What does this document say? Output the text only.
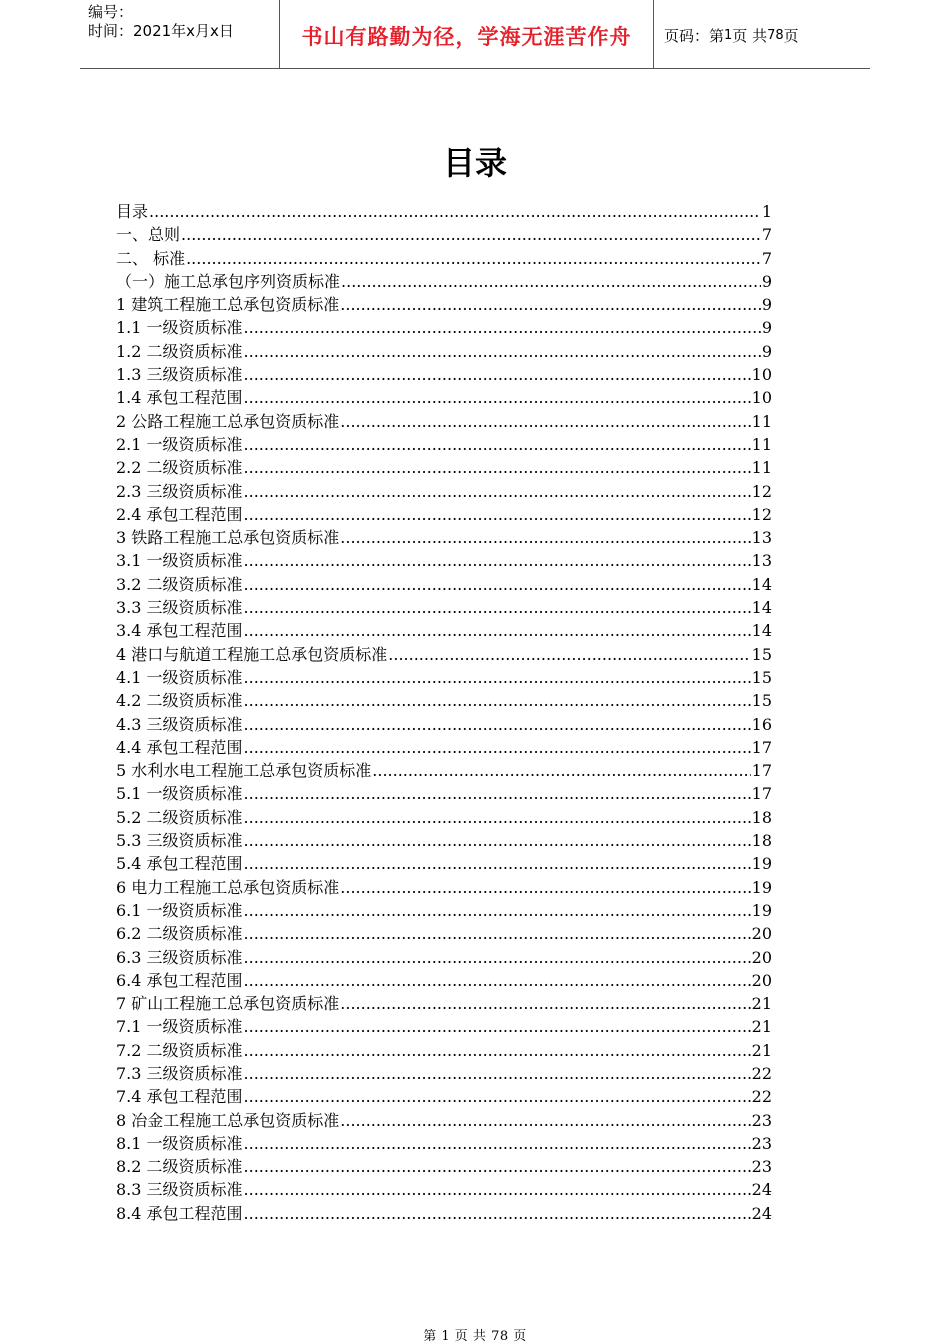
编号：
时间：2021年x月x日	书山有路勤为径，学海无涯苦作舟	页码：第 1 页 共 78 页
目录
目录 .....	1
一、总则 .....	7
二、 标准 .....	7
（一）施工总承包序列资质标准 .....	9
1 建筑工程施工总承包资质标准 .....	9
1.1 一级资质标准 .....	9
1.2 二级资质标准 .....	9
1.3 三级资质标准 .....	10
1.4 承包工程范围 .....	10
2 公路工程施工总承包资质标准 .....	11
2.1 一级资质标准 .....	11
2.2 二级资质标准 .....	11
2.3 三级资质标准 .....	12
2.4 承包工程范围 .....	12
3 铁路工程施工总承包资质标准 .....	13
3.1 一级资质标准 .....	13
3.2 二级资质标准 .....	14
3.3 三级资质标准 .....	14
3.4 承包工程范围 .....	14
4 港口与航道工程施工总承包资质标准 .....	15
4.1 一级资质标准 .....	15
4.2 二级资质标准 .....	15
4.3 三级资质标准 .....	16
4.4 承包工程范围 .....	17
5 水利水电工程施工总承包资质标准 .....	17
5.1 一级资质标准 .....	17
5.2 二级资质标准 .....	18
5.3 三级资质标准 .....	18
5.4 承包工程范围 .....	19
6 电力工程施工总承包资质标准 .....	19
6.1 一级资质标准 .....	19
6.2 二级资质标准 .....	20
6.3 三级资质标准 .....	20
6.4 承包工程范围 .....	20
7 矿山工程施工总承包资质标准 .....	21
7.1 一级资质标准 .....	21
7.2 二级资质标准 .....	21
7.3 三级资质标准 .....	22
7.4 承包工程范围 .....	22
8 冶金工程施工总承包资质标准 .....	23
8.1 一级资质标准 .....	23
8.2 二级资质标准 .....	23
8.3 三级资质标准 .....	24
8.4 承包工程范围 .....	24
第 1 页 共 78 页
